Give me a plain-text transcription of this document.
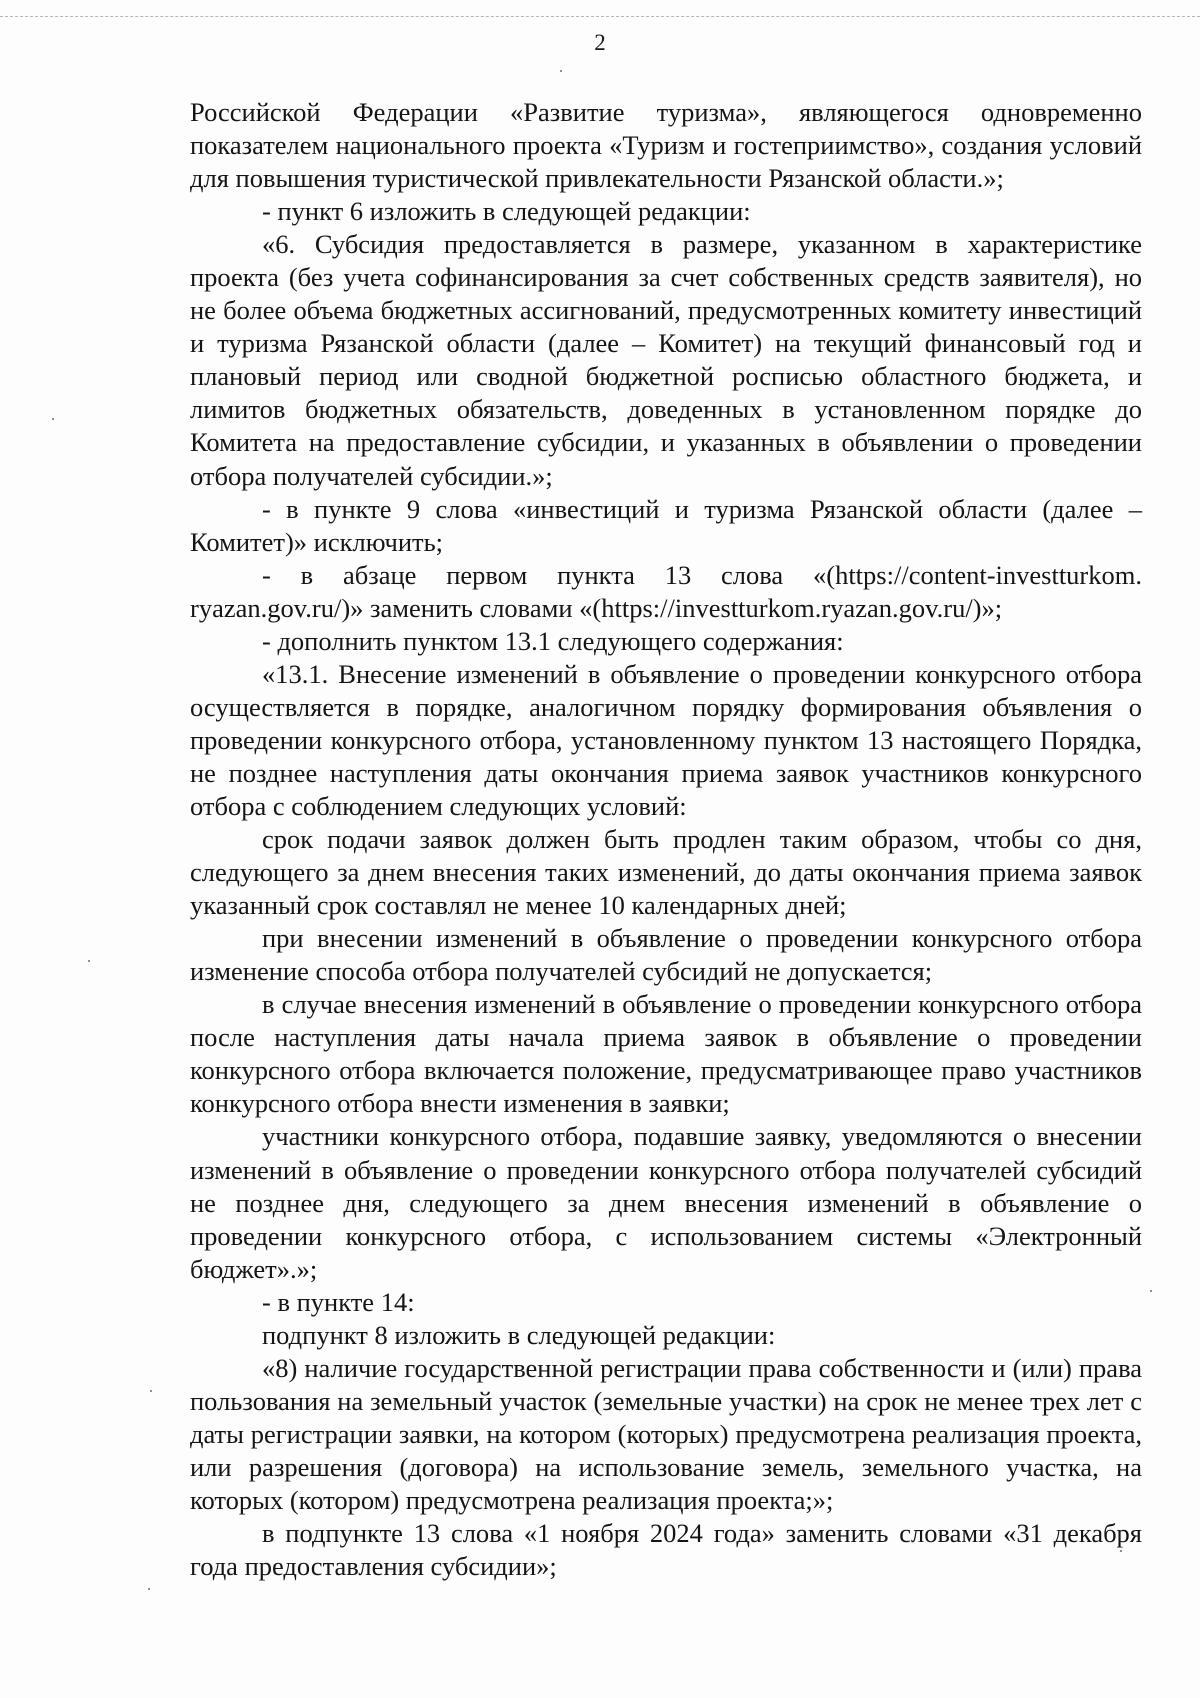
2

Российской Федерации «Развитие туризма», являющегося одновременно показателем национального проекта «Туризм и гостеприимство», создания условий для повышения туристической привлекательности Рязанской области.»;

- пункт 6 изложить в следующей редакции:

«6. Субсидия предоставляется в размере, указанном в характеристике проекта (без учета софинансирования за счет собственных средств заявителя), но не более объема бюджетных ассигнований, предусмотренных комитету инвестиций и туризма Рязанской области (далее – Комитет) на текущий финансовый год и плановый период или сводной бюджетной росписью областного бюджета, и лимитов бюджетных обязательств, доведенных в установленном порядке до Комитета на предоставление субсидии, и указанных в объявлении о проведении отбора получателей субсидии.»;

- в пункте 9 слова «инвестиций и туризма Рязанской области (далее – Комитет)» исключить;

- в абзаце первом пункта 13 слова «(https://content-investturkom. ryazan.gov.ru/)» заменить словами «(https://investturkom.ryazan.gov.ru/)»;

- дополнить пунктом 13.1 следующего содержания:

«13.1. Внесение изменений в объявление о проведении конкурсного отбора осуществляется в порядке, аналогичном порядку формирования объявления о проведении конкурсного отбора, установленному пунктом 13 настоящего Порядка, не позднее наступления даты окончания приема заявок участников конкурсного отбора с соблюдением следующих условий:

срок подачи заявок должен быть продлен таким образом, чтобы со дня, следующего за днем внесения таких изменений, до даты окончания приема заявок указанный срок составлял не менее 10 календарных дней;

при внесении изменений в объявление о проведении конкурсного отбора изменение способа отбора получателей субсидий не допускается;

в случае внесения изменений в объявление о проведении конкурсного отбора после наступления даты начала приема заявок в объявление о проведении конкурсного отбора включается положение, предусматривающее право участников конкурсного отбора внести изменения в заявки;

участники конкурсного отбора, подавшие заявку, уведомляются о внесении изменений в объявление о проведении конкурсного отбора получателей субсидий не позднее дня, следующего за днем внесения изменений в объявление о проведении конкурсного отбора, с использованием системы «Электронный бюджет».»;

- в пункте 14:

подпункт 8 изложить в следующей редакции:

«8) наличие государственной регистрации права собственности и (или) права пользования на земельный участок (земельные участки) на срок не менее трех лет с даты регистрации заявки, на котором (которых) предусмотрена реализация проекта, или разрешения (договора) на использование земель, земельного участка, на которых (котором) предусмотрена реализация проекта;»;

в подпункте 13 слова «1 ноября 2024 года» заменить словами «31 декабря года предоставления субсидии»;
